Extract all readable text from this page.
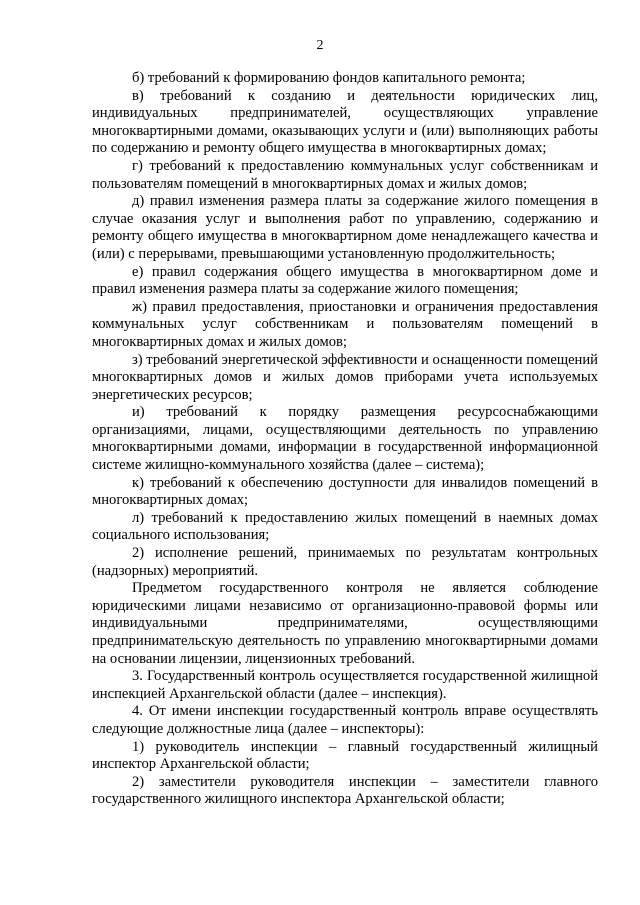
2

б) требований к формированию фондов капитального ремонта;

в) требований к созданию и деятельности юридических лиц, индивидуальных предпринимателей, осуществляющих управление многоквартирными домами, оказывающих услуги и (или) выполняющих работы по содержанию и ремонту общего имущества в многоквартирных домах;

г) требований к предоставлению коммунальных услуг собственникам и пользователям помещений в многоквартирных домах и жилых домов;

д) правил изменения размера платы за содержание жилого помещения в случае оказания услуг и выполнения работ по управлению, содержанию и ремонту общего имущества в многоквартирном доме ненадлежащего качества и (или) с перерывами, превышающими установленную продолжительность;

е) правил содержания общего имущества в многоквартирном доме и правил изменения размера платы за содержание жилого помещения;

ж) правил предоставления, приостановки и ограничения предоставления коммунальных услуг собственникам и пользователям помещений в многоквартирных домах и жилых домов;

з) требований энергетической эффективности и оснащенности помещений многоквартирных домов и жилых домов приборами учета используемых энергетических ресурсов;

и) требований к порядку размещения ресурсоснабжающими организациями, лицами, осуществляющими деятельность по управлению многоквартирными домами, информации в государственной информационной системе жилищно-коммунального хозяйства (далее – система);

к) требований к обеспечению доступности для инвалидов помещений в многоквартирных домах;

л) требований к предоставлению жилых помещений в наемных домах социального использования;

2) исполнение решений, принимаемых по результатам контрольных (надзорных) мероприятий.

Предметом государственного контроля не является соблюдение юридическими лицами независимо от организационно-правовой формы или индивидуальными предпринимателями, осуществляющими предпринимательскую деятельность по управлению многоквартирными домами на основании лицензии, лицензионных требований.

3. Государственный контроль осуществляется государственной жилищной инспекцией Архангельской области (далее – инспекция).

4. От имени инспекции государственный контроль вправе осуществлять следующие должностные лица (далее – инспекторы):

1) руководитель инспекции – главный государственный жилищный инспектор Архангельской области;

2) заместители руководителя инспекции – заместители главного государственного жилищного инспектора Архангельской области;
